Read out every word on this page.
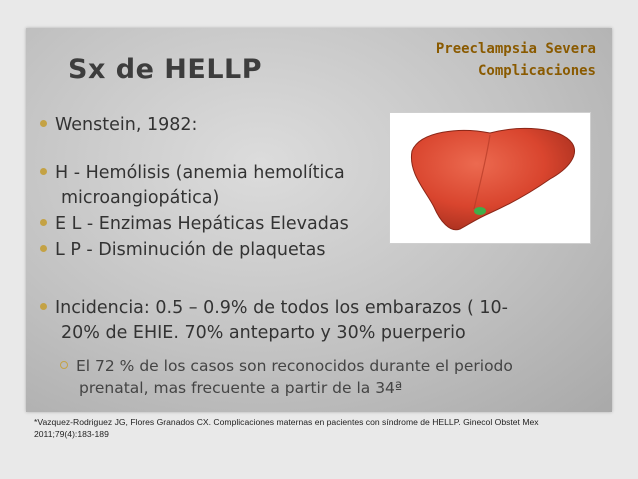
Sx de HELLP
Preeclampsia Severa
Complicaciones
Wenstein, 1982:
H - Hemólisis (anemia hemolítica
microangiopática)
E L - Enzimas Hepáticas Elevadas
L P - Disminución de plaquetas
Incidencia: 0.5 – 0.9% de todos los embarazos ( 10-
20% de EHIE. 70% anteparto y 30% puerperio
El 72 % de los casos son reconocidos durante el periodo
prenatal, mas frecuente a partir de la 34ª
*Vazquez-Rodriguez JG, Flores Granados CX. Complicaciones maternas en pacientes con síndrome de HELLP. Ginecol Obstet Mex
2011;79(4):183-189
